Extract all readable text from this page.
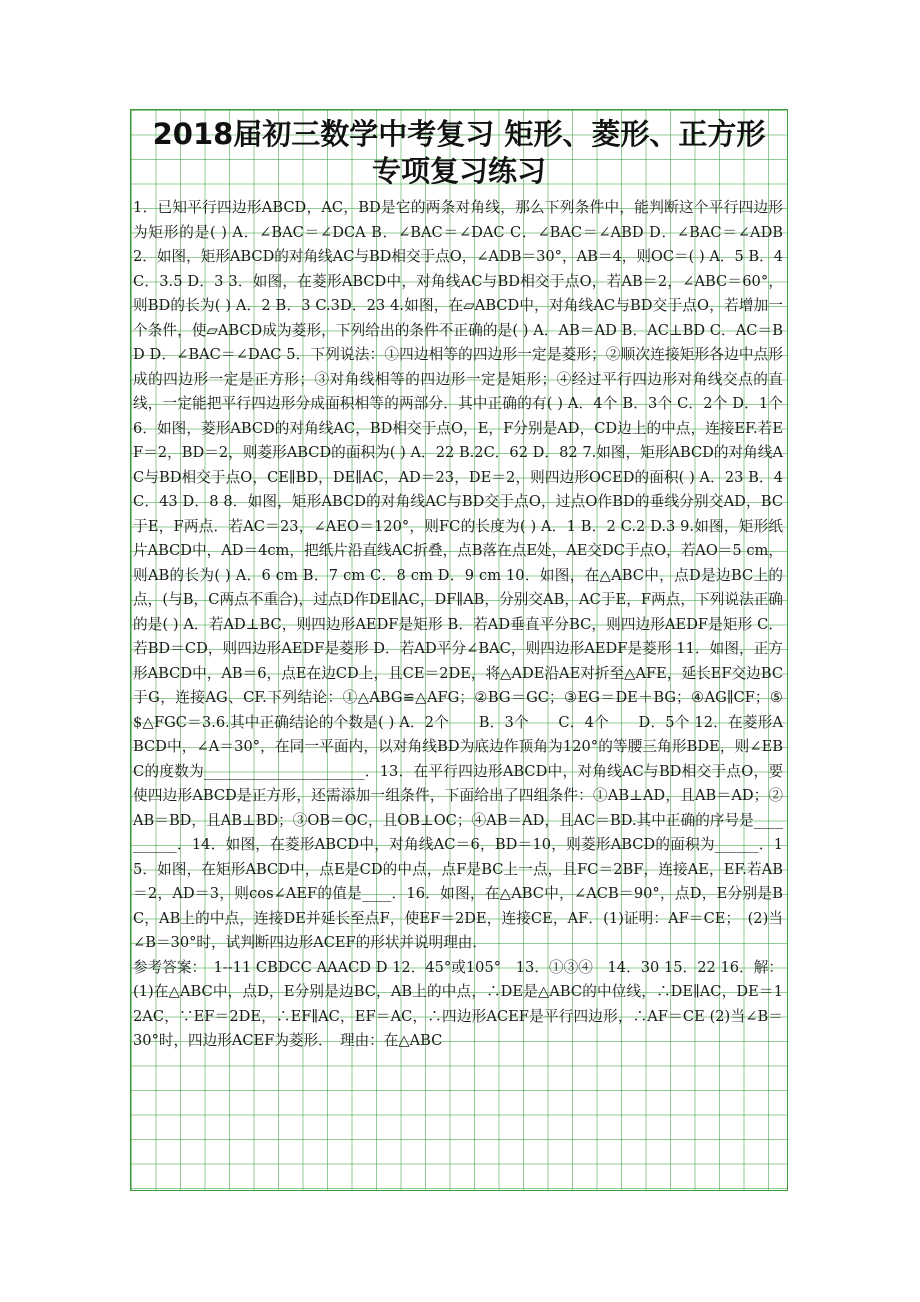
2018届初三数学中考复习 矩形、菱形、正方形 专项复习练习
1．已知平行四边形ABCD，AC，BD是它的两条对角线，那么下列条件中，能判断这个平行四边形为矩形的是( ) A．∠BAC＝∠DCA B．∠BAC＝∠DAC C．∠BAC＝∠ABD D．∠BAC＝∠ADB 2．如图，矩形ABCD的对角线AC与BD相交于点O，∠ADB＝30°，AB＝4，则OC＝( ) A．5 B．4 C．3.5 D．3 3．如图，在菱形ABCD中，对角线AC与BD相交于点O，若AB＝2，∠ABC＝60°，则BD的长为( ) A．2 B．3 C.3D．23 4.如图，在▱ABCD中，对角线AC与BD交于点O，若增加一个条件，使▱ABCD成为菱形，下列给出的条件不正确的是( ) A．AB＝AD B．AC⊥BD C．AC＝BD D．∠BAC＝∠DAC 5．下列说法：①四边相等的四边形一定是菱形；②顺次连接矩形各边中点形成的四边形一定是正方形；③对角线相等的四边形一定是矩形；④经过平行四边形对角线交点的直线，一定能把平行四边形分成面积相等的两部分．其中正确的有( ) A．4个 B．3个 C．2个 D．1个 6．如图，菱形ABCD的对角线AC，BD相交于点O，E，F分别是AD，CD边上的中点，连接EF.若EF＝2，BD＝2，则菱形ABCD的面积为( ) A．22 B.2C．62 D．82 7.如图，矩形ABCD的对角线AC与BD相交于点O，CE∥BD，DE∥AC，AD＝23，DE＝2，则四边形OCED的面积( ) A．23 B．4 C．43 D．8 8．如图，矩形ABCD的对角线AC与BD交于点O，过点O作BD的垂线分别交AD，BC于E，F两点．若AC＝23，∠AEO＝120°，则FC的长度为( ) A．1 B．2 C.2 D.3 9.如图，矩形纸片ABCD中，AD＝4cm，把纸片沿直线AC折叠，点B落在点E处，AE交DC于点O，若AO＝5 cm，则AB的长为( ) A．6 cm B．7 cm C．8 cm D．9 cm 10．如图，在△ABC中，点D是边BC上的点，(与B，C两点不重合)，过点D作DE∥AC，DF∥AB，分别交AB，AC于E，F两点，下列说法正确的是( ) A．若AD⊥BC，则四边形AEDF是矩形 B．若AD垂直平分BC，则四边形AEDF是矩形 C．若BD＝CD，则四边形AEDF是菱形 D．若AD平分∠BAC，则四边形AEDF是菱形 11．如图，正方形ABCD中，AB＝6，点E在边CD上，且CE＝2DE，将△ADE沿AE对折至△AFE，延长EF交边BC于G，连接AG、CF.下列结论：①△ABG≌△AFG；②BG＝GC；③EG＝DE＋BG；④AG∥CF；⑤$△FGC＝3.6.其中正确结论的个数是( ) A．2个　　B．3个　　C．4个　　D．5个 12．在菱形ABCD中，∠A＝30°，在同一平面内，以对角线BD为底边作顶角为120°的等腰三角形BDE，则∠EBC的度数为______________________．13．在平行四边形ABCD中，对角线AC与BD相交于点O，要使四边形ABCD是正方形，还需添加一组条件，下面给出了四组条件：①AB⊥AD，且AB＝AD；②AB＝BD，且AB⊥BD；③OB＝OC，且OB⊥OC；④AB＝AD，且AC＝BD.其中正确的序号是__________．14．如图，在菱形ABCD中，对角线AC＝6，BD＝10，则菱形ABCD的面积为______．15．如图，在矩形ABCD中，点E是CD的中点，点F是BC上一点，且FC＝2BF，连接AE，EF.若AB＝2，AD＝3，则cos∠AEF的值是____．16．如图，在△ABC中，∠ACB＝90°，点D，E分别是BC，AB上的中点，连接DE并延长至点F，使EF＝2DE，连接CE，AF．(1)证明：AF＝CE；　(2)当∠B＝30°时，试判断四边形ACEF的形状并说明理由．
参考答案：　1--11 CBDCC AAACD D 12．45°或105°　13．①③④　14．30 15．22 16．解：(1)在△ABC中，点D，E分别是边BC，AB上的中点，∴DE是△ABC的中位线，∴DE∥AC，DE＝12AC，∵EF＝2DE，∴EF∥AC，EF＝AC，∴四边形ACEF是平行四边形，∴AF＝CE (2)当∠B＝30°时，四边形ACEF为菱形．　理由：在△ABC
